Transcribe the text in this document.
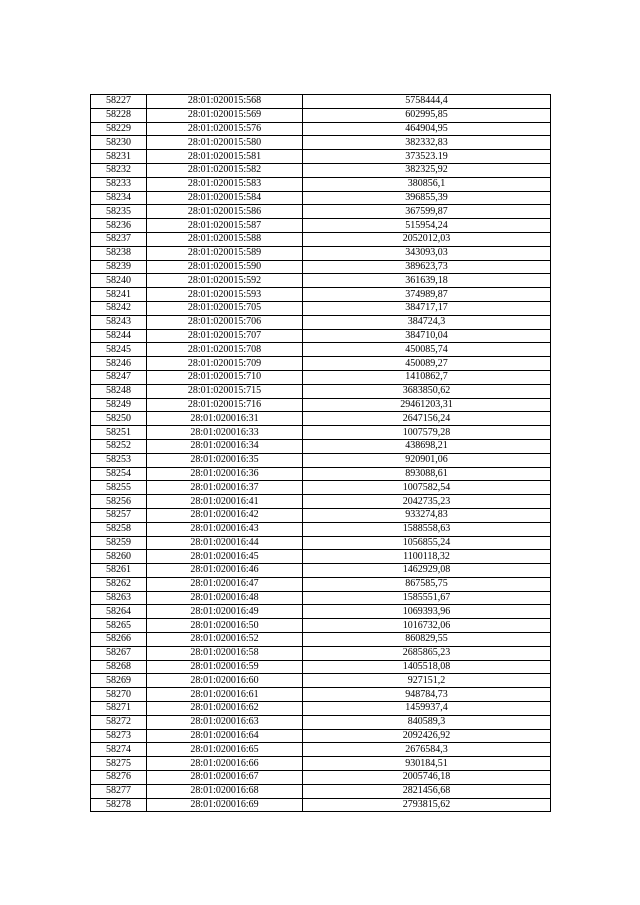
58227	28:01:020015:568	5758444,4
58228	28:01:020015:569	602995,85
58229	28:01:020015:576	464904,95
58230	28:01:020015:580	382332,83
58231	28:01:020015:581	373523.19
58232	28:01:020015:582	382325,92
58233	28:01:020015:583	380856,1
58234	28:01:020015:584	396855,39
58235	28:01:020015:586	367599,87
58236	28:01:020015:587	515954,24
58237	28:01:020015:588	2052012,03
58238	28:01:020015:589	343093,03
58239	28:01:020015:590	389623,73
58240	28:01:020015:592	361639,18
58241	28:01:020015:593	374989,87
58242	28:01:020015:705	384717,17
58243	28:01:020015:706	384724,3
58244	28:01:020015:707	384710,04
58245	28:01:020015:708	450085,74
58246	28:01:020015:709	450089,27
58247	28:01:020015:710	1410862,7
58248	28:01:020015:715	3683850,62
58249	28:01:020015:716	29461203,31
58250	28:01:020016:31	2647156,24
58251	28:01:020016:33	1007579,28
58252	28:01:020016:34	438698,21
58253	28:01:020016:35	920901,06
58254	28:01:020016:36	893088,61
58255	28:01:020016:37	1007582,54
58256	28:01:020016:41	2042735,23
58257	28:01:020016:42	933274,83
58258	28:01:020016:43	1588558,63
58259	28:01:020016:44	1056855,24
58260	28:01:020016:45	1100118,32
58261	28:01:020016:46	1462929,08
58262	28:01:020016:47	867585,75
58263	28:01:020016:48	1585551,67
58264	28:01:020016:49	1069393,96
58265	28:01:020016:50	1016732,06
58266	28:01:020016:52	860829,55
58267	28:01:020016:58	2685865,23
58268	28:01:020016:59	1405518,08
58269	28:01:020016:60	927151,2
58270	28:01:020016:61	948784,73
58271	28:01:020016:62	1459937,4
58272	28:01:020016:63	840589,3
58273	28:01:020016:64	2092426,92
58274	28:01:020016:65	2676584,3
58275	28:01:020016:66	930184,51
58276	28:01:020016:67	2005746,18
58277	28:01:020016:68	2821456,68
58278	28:01:020016:69	2793815,62
